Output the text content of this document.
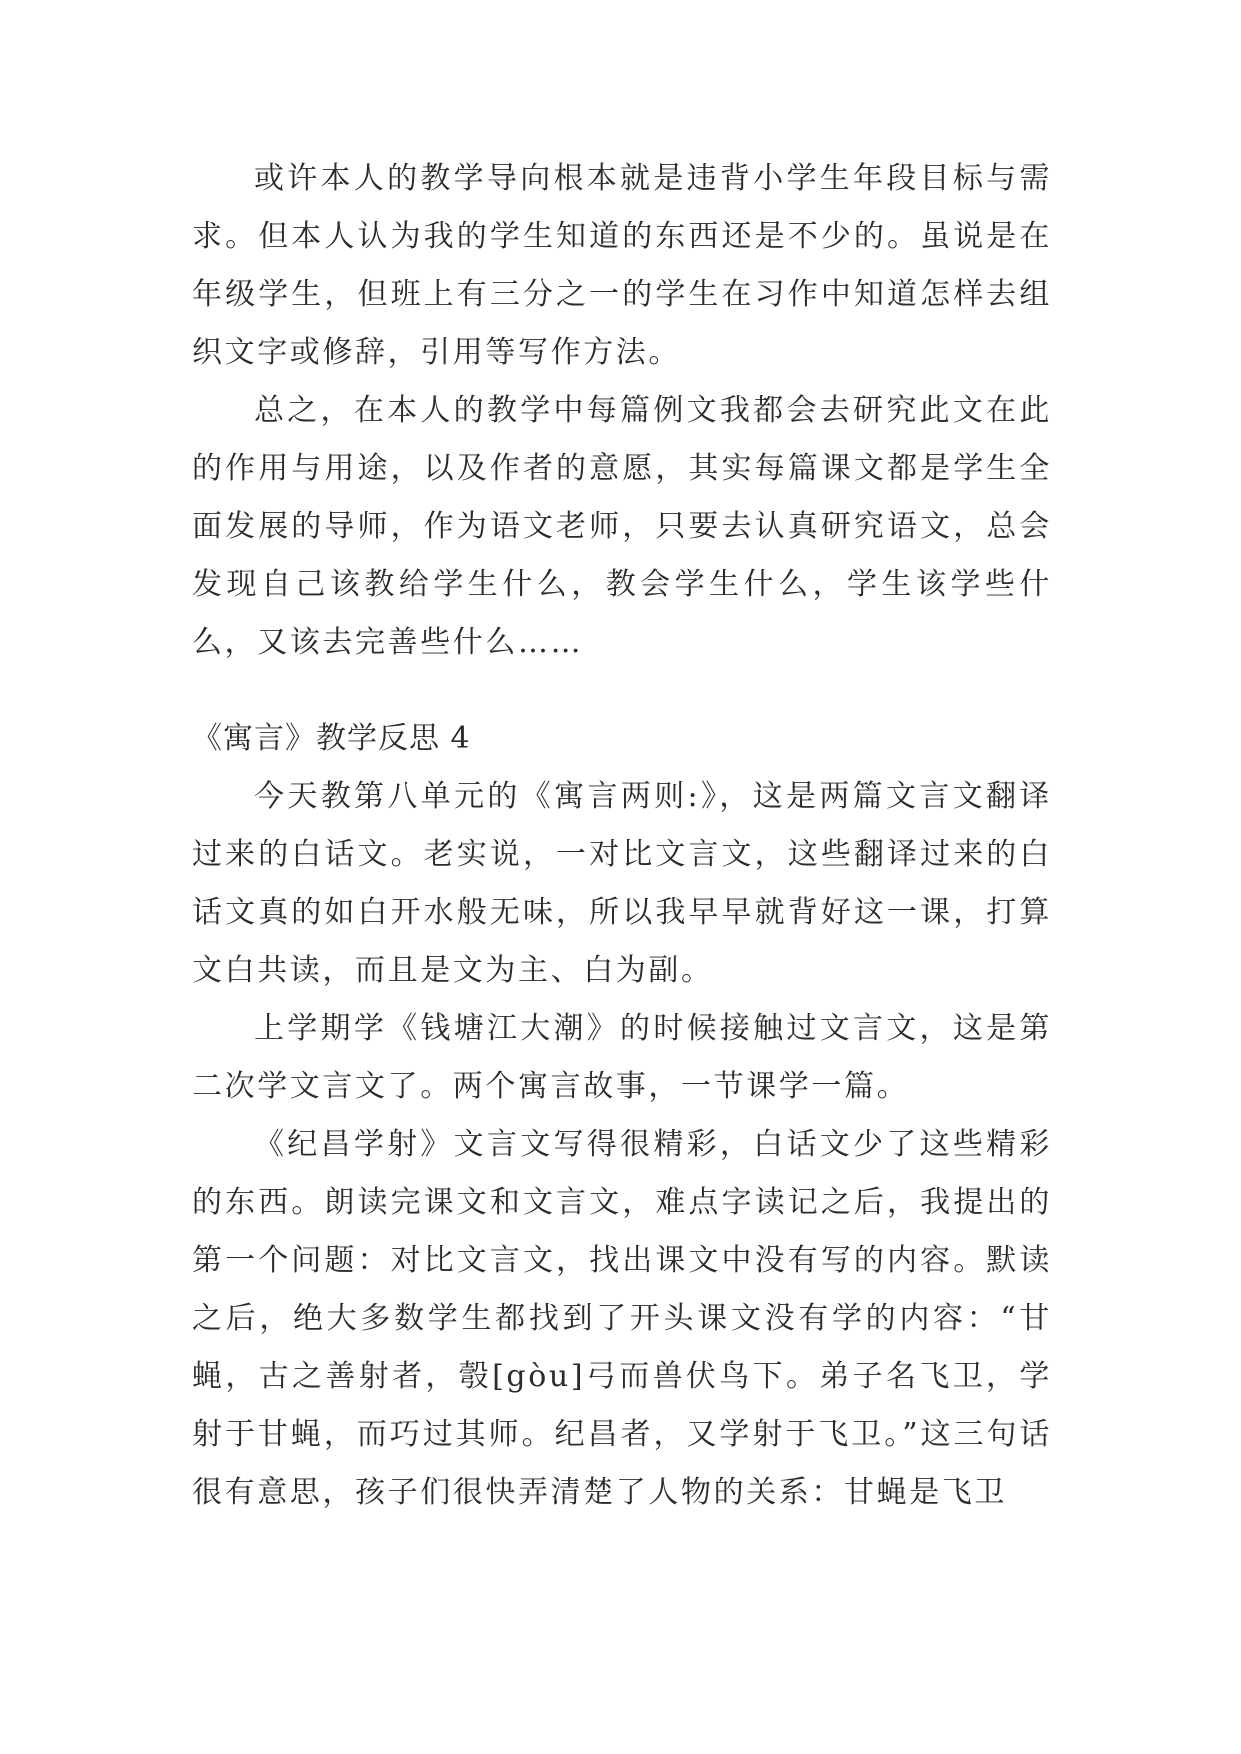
或许本人的教学导向根本就是违背小学生年段目标与需求。但本人认为我的学生知道的东西还是不少的。虽说是在年级学生，但班上有三分之一的学生在习作中知道怎样去组织文字或修辞，引用等写作方法。

总之，在本人的教学中每篇例文我都会去研究此文在此的作用与用途，以及作者的意愿，其实每篇课文都是学生全面发展的导师，作为语文老师，只要去认真研究语文，总会发现自己该教给学生什么，教会学生什么，学生该学些什么，又该去完善些什么……

《寓言》教学反思 4

今天教第八单元的《寓言两则:》，这是两篇文言文翻译过来的白话文。老实说，一对比文言文，这些翻译过来的白话文真的如白开水般无味，所以我早早就背好这一课，打算文白共读，而且是文为主、白为副。

上学期学《钱塘江大潮》的时候接触过文言文，这是第二次学文言文了。两个寓言故事，一节课学一篇。

《纪昌学射》文言文写得很精彩，白话文少了这些精彩的东西。朗读完课文和文言文，难点字读记之后，我提出的第一个问题：对比文言文，找出课文中没有写的内容。默读之后，绝大多数学生都找到了开头课文没有学的内容：“甘蝇，古之善射者，彀[gòu]弓而兽伏鸟下。弟子名飞卫，学射于甘蝇，而巧过其师。纪昌者，又学射于飞卫。”这三句话很有意思，孩子们很快弄清楚了人物的关系：甘蝇是飞卫
